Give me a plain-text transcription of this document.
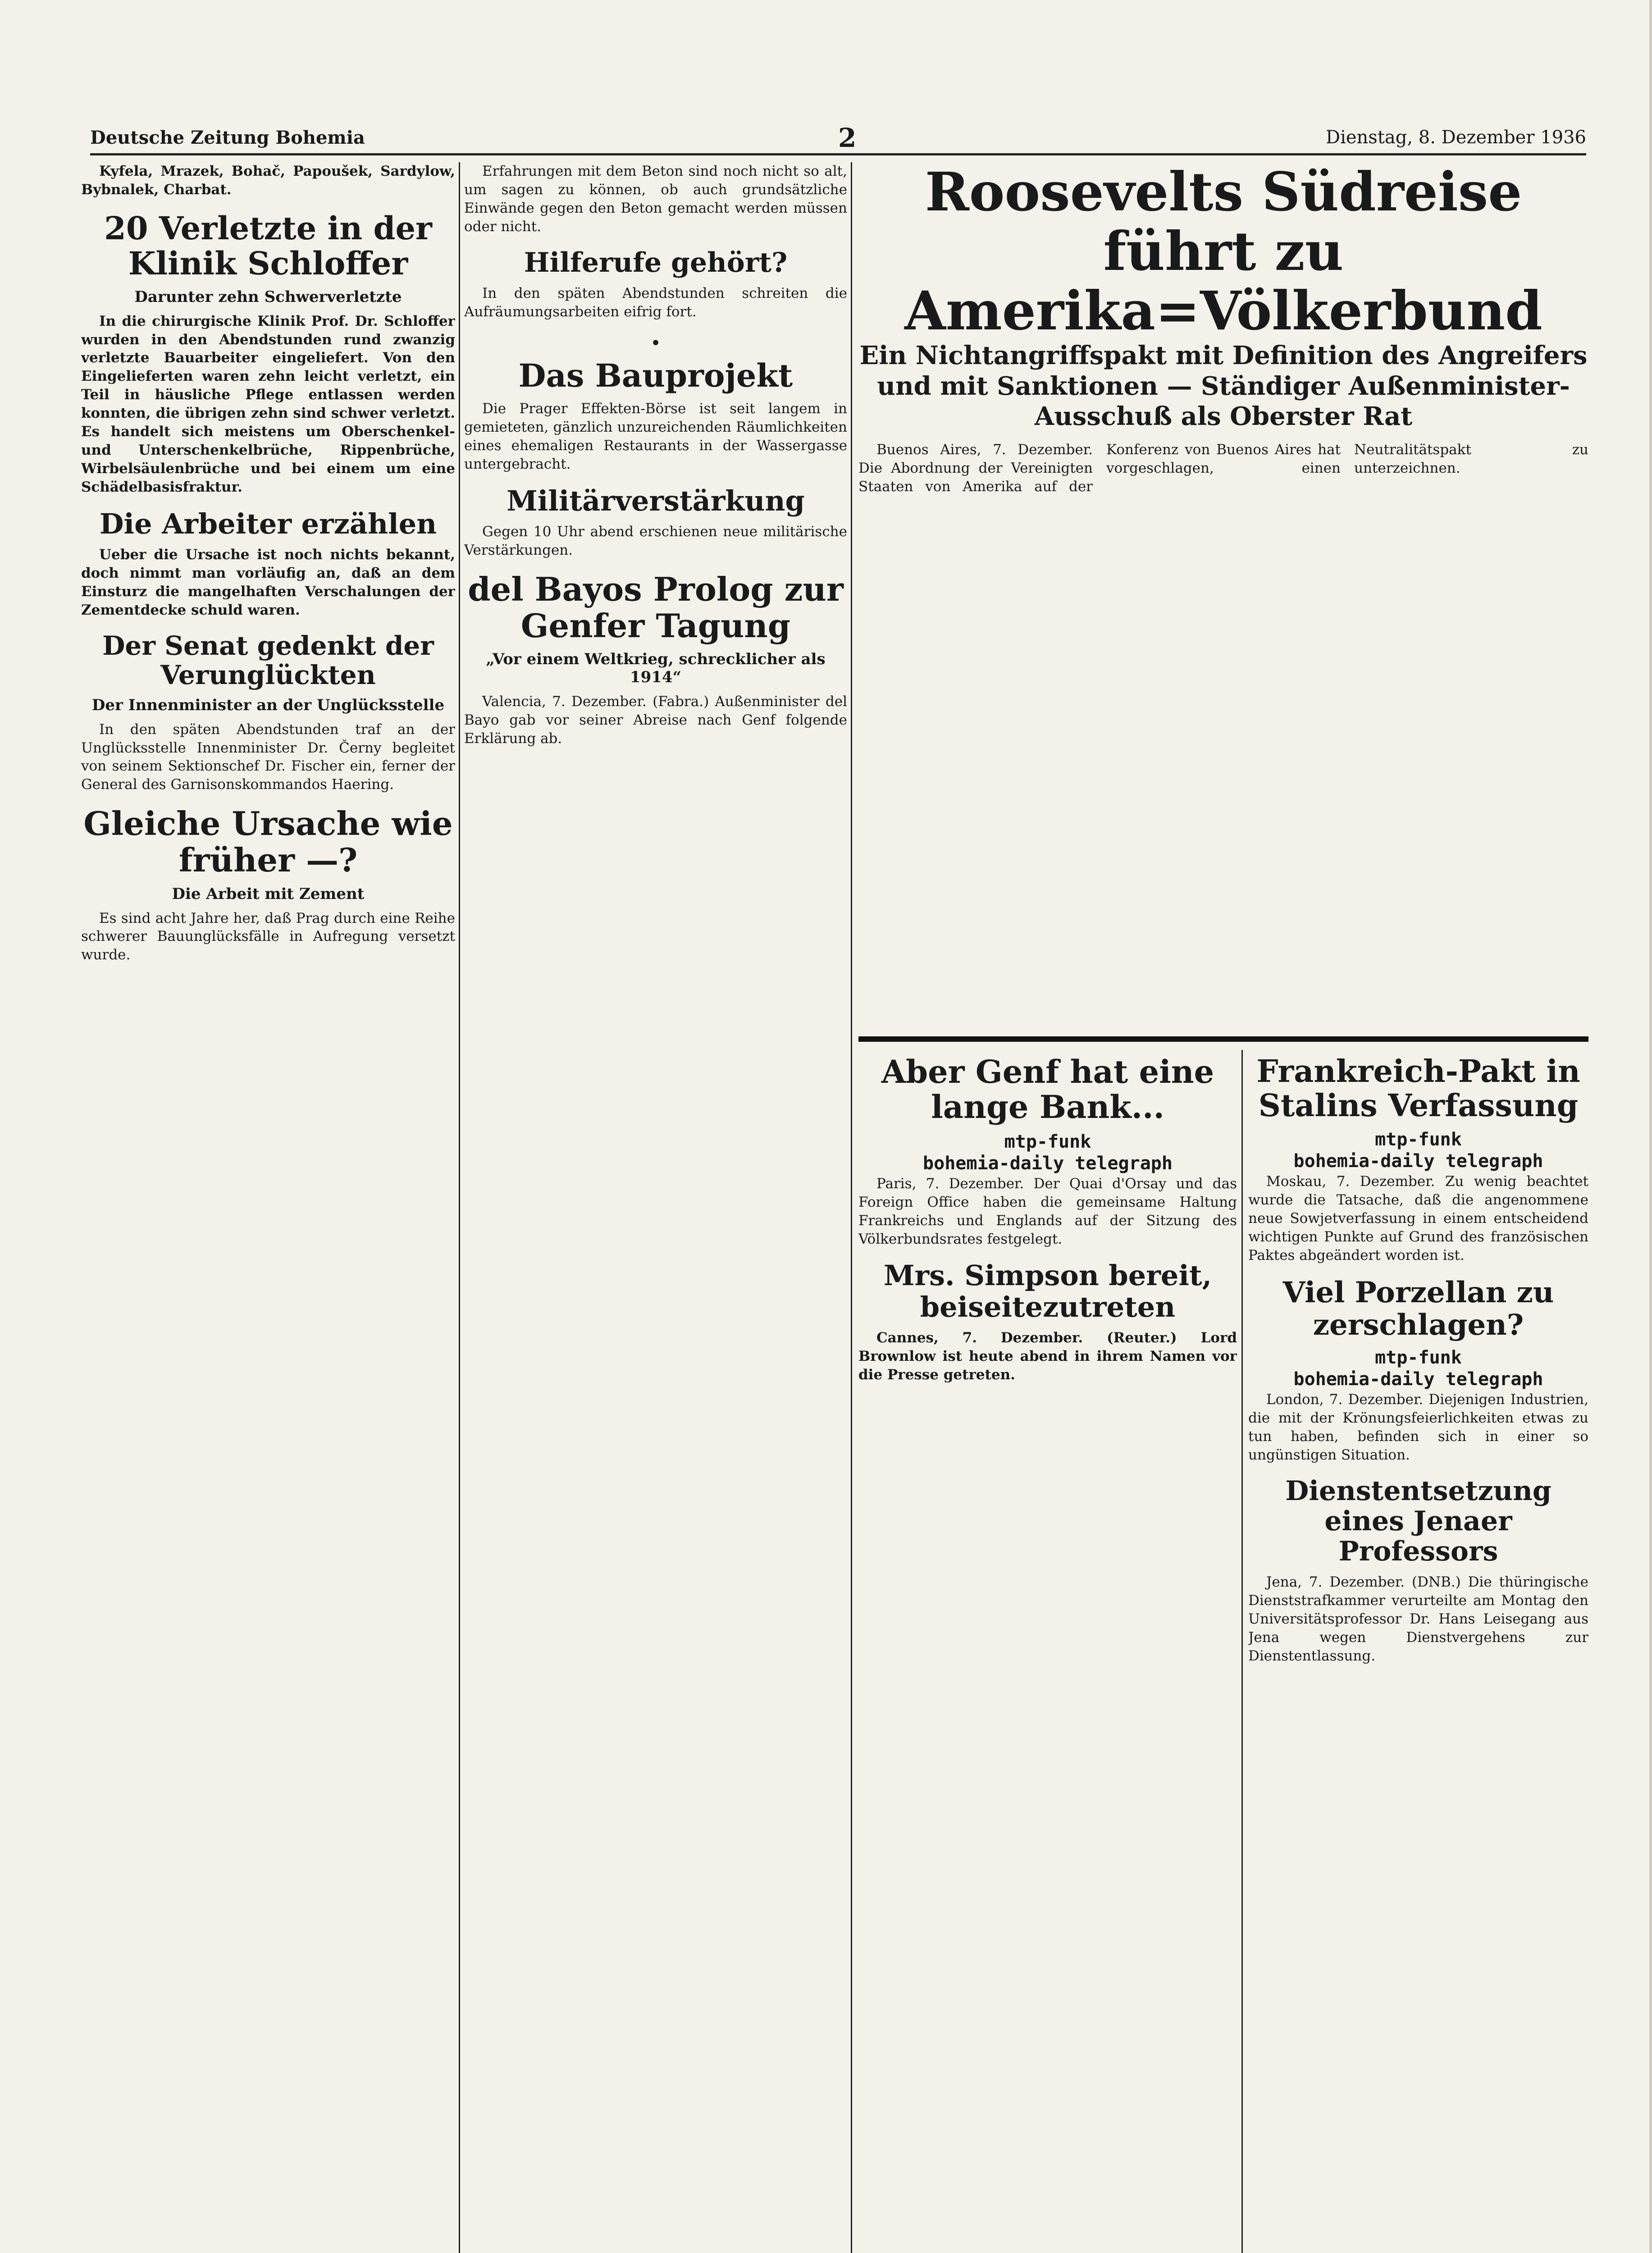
Deutsche Zeitung Bohemia	2	Dienstag, 8. Dezember 1936
Kyfela, Mrazek, Bohač, Papoušek, Sardylow, Bybnalek, Charbat.
20 Verletzte in der Klinik Schloffer
Darunter zehn Schwerverletzte
In die chirurgische Klinik Prof. Dr. Schloffer wurden in den Abendstunden rund zwanzig verletzte Bauarbeiter eingeliefert. Von den Eingelieferten waren zehn leicht verletzt, ein Teil in häusliche Pflege entlassen werden konnten, die übrigen zehn sind schwer verletzt. Es handelt sich meistens um Oberschenkel- und Unterschenkelbrüche, Rippenbrüche, Wirbelsäulenbrüche und bei einem um eine Schädelbasisfraktur.
Die Arbeiter erzählen
Ueber die Ursache ist noch nichts bekannt, doch nimmt man vorläufig an, daß an dem Einsturz die mangelhaften Verschalungen der Zementdecke schuld waren.
Der Senat gedenkt der Verunglückten
Der Innenminister an der Unglücksstelle
In den späten Abendstunden traf an der Unglücksstelle Innenminister Dr. Černy begleitet von seinem Sektionschef Dr. Fischer ein, ferner der General des Garnisonskommandos Haering.
Gleiche Ursache wie früher —?
Die Arbeit mit Zement
Es sind acht Jahre her, daß Prag durch eine Reihe schwerer Bauunglücksfälle in Aufregung versetzt wurde.
Erfahrungen mit dem Beton sind noch nicht so alt, um sagen zu können, ob auch grundsätzliche Einwände gegen den Beton gemacht werden müssen oder nicht.
Hilferufe gehört?
In den späten Abendstunden schreiten die Aufräumungsarbeiten eifrig fort.
•
Das Bauprojekt
Die Prager Effekten-Börse ist seit langem in gemieteten, gänzlich unzureichenden Räumlichkeiten eines ehemaligen Restaurants in der Wassergasse untergebracht.
Militärverstärkung
Gegen 10 Uhr abend erschienen neue militärische Verstärkungen.
del Bayos Prolog zur Genfer Tagung
„Vor einem Weltkrieg, schrecklicher als 1914“
Valencia, 7. Dezember. (Fabra.) Außenminister del Bayo gab vor seiner Abreise nach Genf folgende Erklärung ab.
Roosevelts Südreise führt zu Amerika=Völkerbund
Ein Nichtangriffspakt mit Definition des Angreifers und mit Sanktionen — Ständiger Außenminister-Ausschuß als Oberster Rat
Buenos Aires, 7. Dezember. Die Abordnung der Vereinigten Staaten von Amerika auf der Konferenz von Buenos Aires hat vorgeschlagen, einen Neutralitätspakt zu unterzeichnen.
Aber Genf hat eine lange Bank...
mtp-funk
bohemia-daily telegraph
Paris, 7. Dezember. Der Quai d'Orsay und das Foreign Office haben die gemeinsame Haltung Frankreichs und Englands auf der Sitzung des Völkerbundsrates festgelegt.
Mrs. Simpson bereit, beiseitezutreten
Cannes, 7. Dezember. (Reuter.) Lord Brownlow ist heute abend in ihrem Namen vor die Presse getreten.
Frankreich-Pakt in Stalins Verfassung
mtp-funk
bohemia-daily telegraph
Moskau, 7. Dezember. Zu wenig beachtet wurde die Tatsache, daß die angenommene neue Sowjetverfassung in einem entscheidend wichtigen Punkte auf Grund des französischen Paktes abgeändert worden ist.
Viel Porzellan zu zerschlagen?
mtp-funk
bohemia-daily telegraph
London, 7. Dezember. Diejenigen Industrien, die mit der Krönungsfeierlichkeiten etwas zu tun haben, befinden sich in einer so ungünstigen Situation.
Dienstentsetzung eines Jenaer Professors
Jena, 7. Dezember. (DNB.) Die thüringische Dienststrafkammer verurteilte am Montag den Universitätsprofessor Dr. Hans Leisegang aus Jena wegen Dienstvergehens zur Dienstentlassung.
